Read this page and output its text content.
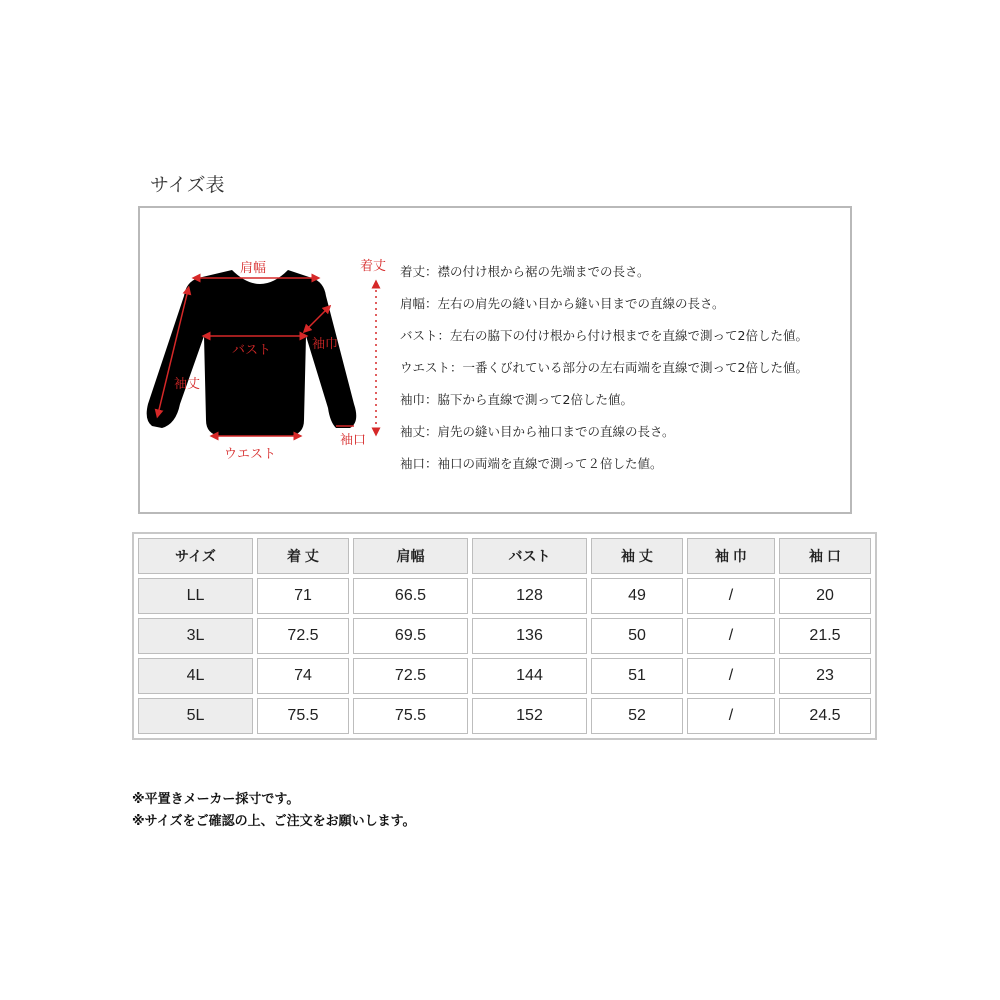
サイズ表
肩幅	着丈
バスト	袖巾
袖丈
ウエスト
袖口
着丈：襟の付け根から裾の先端までの長さ。
肩幅：左右の肩先の縫い目から縫い目までの直線の長さ。
バスト：左右の脇下の付け根から付け根までを直線で測って2倍した値。
ウエスト：一番くびれている部分の左右両端を直線で測って2倍した値。
袖巾：脇下から直線で測って2倍した値。
袖丈：肩先の縫い目から袖口までの直線の長さ。
袖口：袖口の両端を直線で測って２倍した値。
サイズ	着 丈	肩幅	バスト	袖 丈	袖 巾	袖 口
LL	71	66.5	128	49	/	20
3L	72.5	69.5	136	50	/	21.5
4L	74	72.5	144	51	/	23
5L	75.5	75.5	152	52	/	24.5
※平置きメーカー採寸です。
※サイズをご確認の上、ご注文をお願いします。
